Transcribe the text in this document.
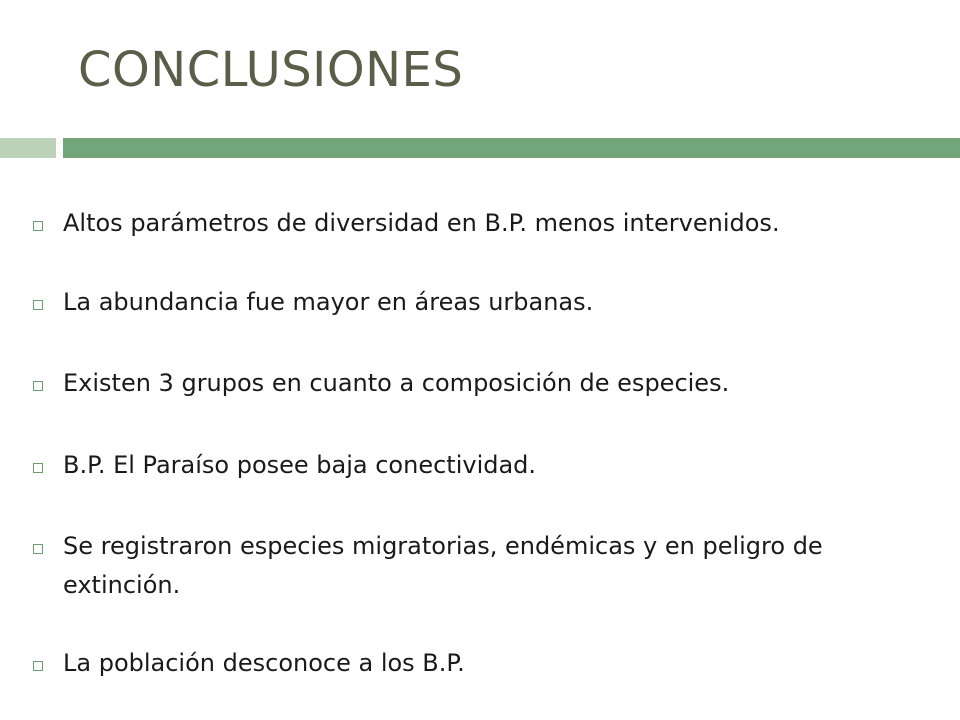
CONCLUSIONES
Altos parámetros de diversidad en B.P. menos intervenidos.
La abundancia fue mayor en áreas urbanas.
Existen 3 grupos en cuanto a composición de especies.
B.P. El Paraíso posee baja conectividad.
Se registraron especies migratorias, endémicas y en peligro de extinción.
La población desconoce a los B.P.
